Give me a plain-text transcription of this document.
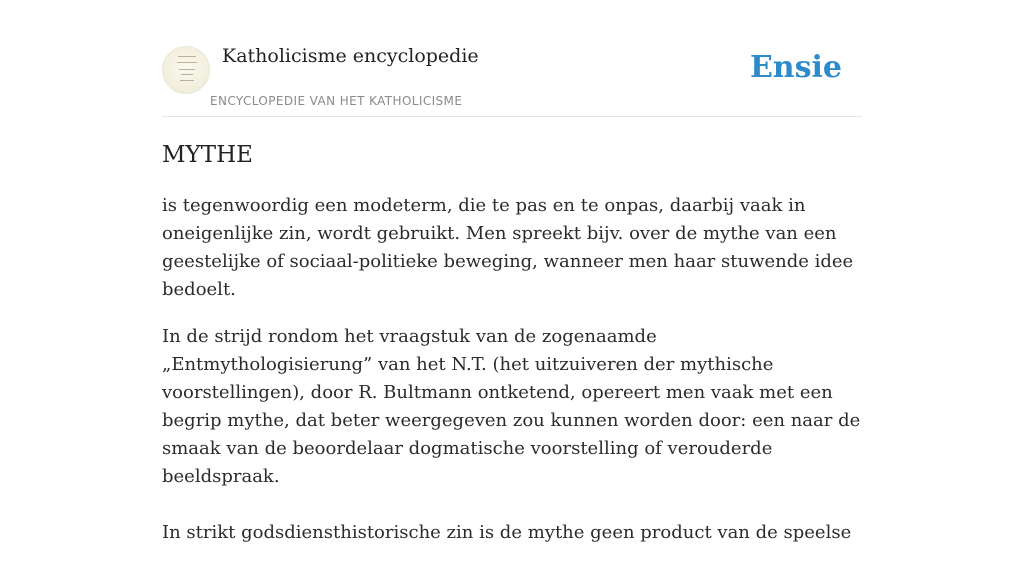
Katholicisme encyclopedie
ENCYCLOPEDIE VAN HET KATHOLICISME
Ensie
MYTHE

is tegenwoordig een modeterm, die te pas en te onpas, daarbij vaak in oneigenlijke zin, wordt gebruikt. Men spreekt bijv. over de mythe van een geestelijke of sociaal-politieke beweging, wanneer men haar stuwende idee bedoelt.

In de strijd rondom het vraagstuk van de zogenaamde „Entmythologisierung” van het N.T. (het uitzuiveren der mythische voorstellingen), door R. Bultmann ontketend, opereert men vaak met een begrip mythe, dat beter weergegeven zou kunnen worden door: een naar de smaak van de beoordelaar dogmatische voorstelling of verouderde beeldspraak.

In strikt godsdiensthistorische zin is de mythe geen product van de speelse
